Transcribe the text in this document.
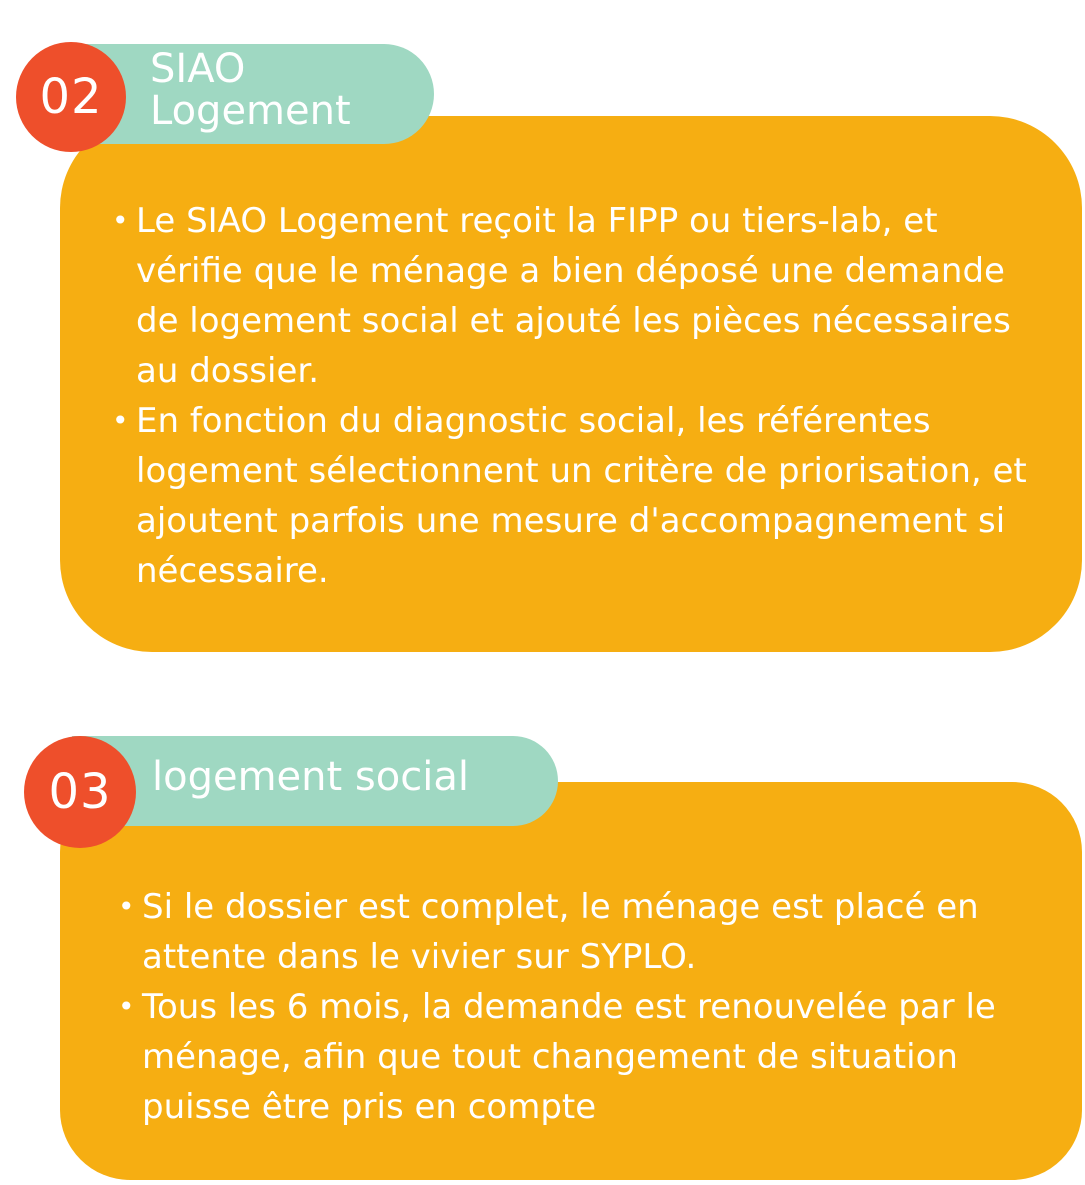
SIAO
Logement
02
• Le SIAO Logement reçoit la FIPP ou tiers-lab, et vérifie que le ménage a bien déposé une demande de logement social et ajouté les pièces nécessaires au dossier.
• En fonction du diagnostic social, les référentes logement sélectionnent un critère de priorisation, et ajoutent parfois une mesure d'accompagnement si nécessaire.
logement social
03
• Si le dossier est complet, le ménage est placé en attente dans le vivier sur SYPLO.
• Tous les 6 mois, la demande est renouvelée par le ménage, afin que tout changement de situation puisse être pris en compte
